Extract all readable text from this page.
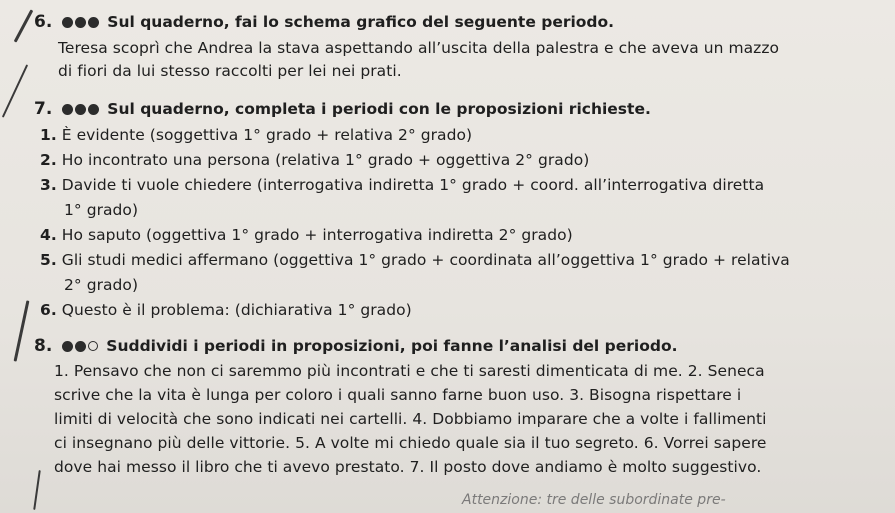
6.	Sul quaderno, fai lo schema grafico del seguente periodo.
Teresa scoprì che Andrea la stava aspettando all’uscita della palestra e che aveva un mazzo
di fiori da lui stesso raccolti per lei nei prati.
7.	Sul quaderno, completa i periodi con le proposizioni richieste.
1. È evidente (soggettiva 1° grado + relativa 2° grado)
2. Ho incontrato una persona (relativa 1° grado + oggettiva 2° grado)
3. Davide ti vuole chiedere (interrogativa indiretta 1° grado + coord. all’interrogativa diretta
1° grado)
4. Ho saputo (oggettiva 1° grado + interrogativa indiretta 2° grado)
5. Gli studi medici affermano (oggettiva 1° grado + coordinata all’oggettiva 1° grado + relativa
2° grado)
6. Questo è il problema: (dichiarativa 1° grado)
8.	Suddividi i periodi in proposizioni, poi fanne l’analisi del periodo.
1. Pensavo che non ci saremmo più incontrati e che ti saresti dimenticata di me. 2. Seneca
scrive che la vita è lunga per coloro i quali sanno farne buon uso. 3. Bisogna rispettare i
limiti di velocità che sono indicati nei cartelli. 4. Dobbiamo imparare che a volte i fallimenti
ci insegnano più delle vittorie. 5. A volte mi chiedo quale sia il tuo segreto. 6. Vorrei sapere
dove hai messo il libro che ti avevo prestato. 7. Il posto dove andiamo è molto suggestivo.
Attenzione: tre delle subordinate pre-
